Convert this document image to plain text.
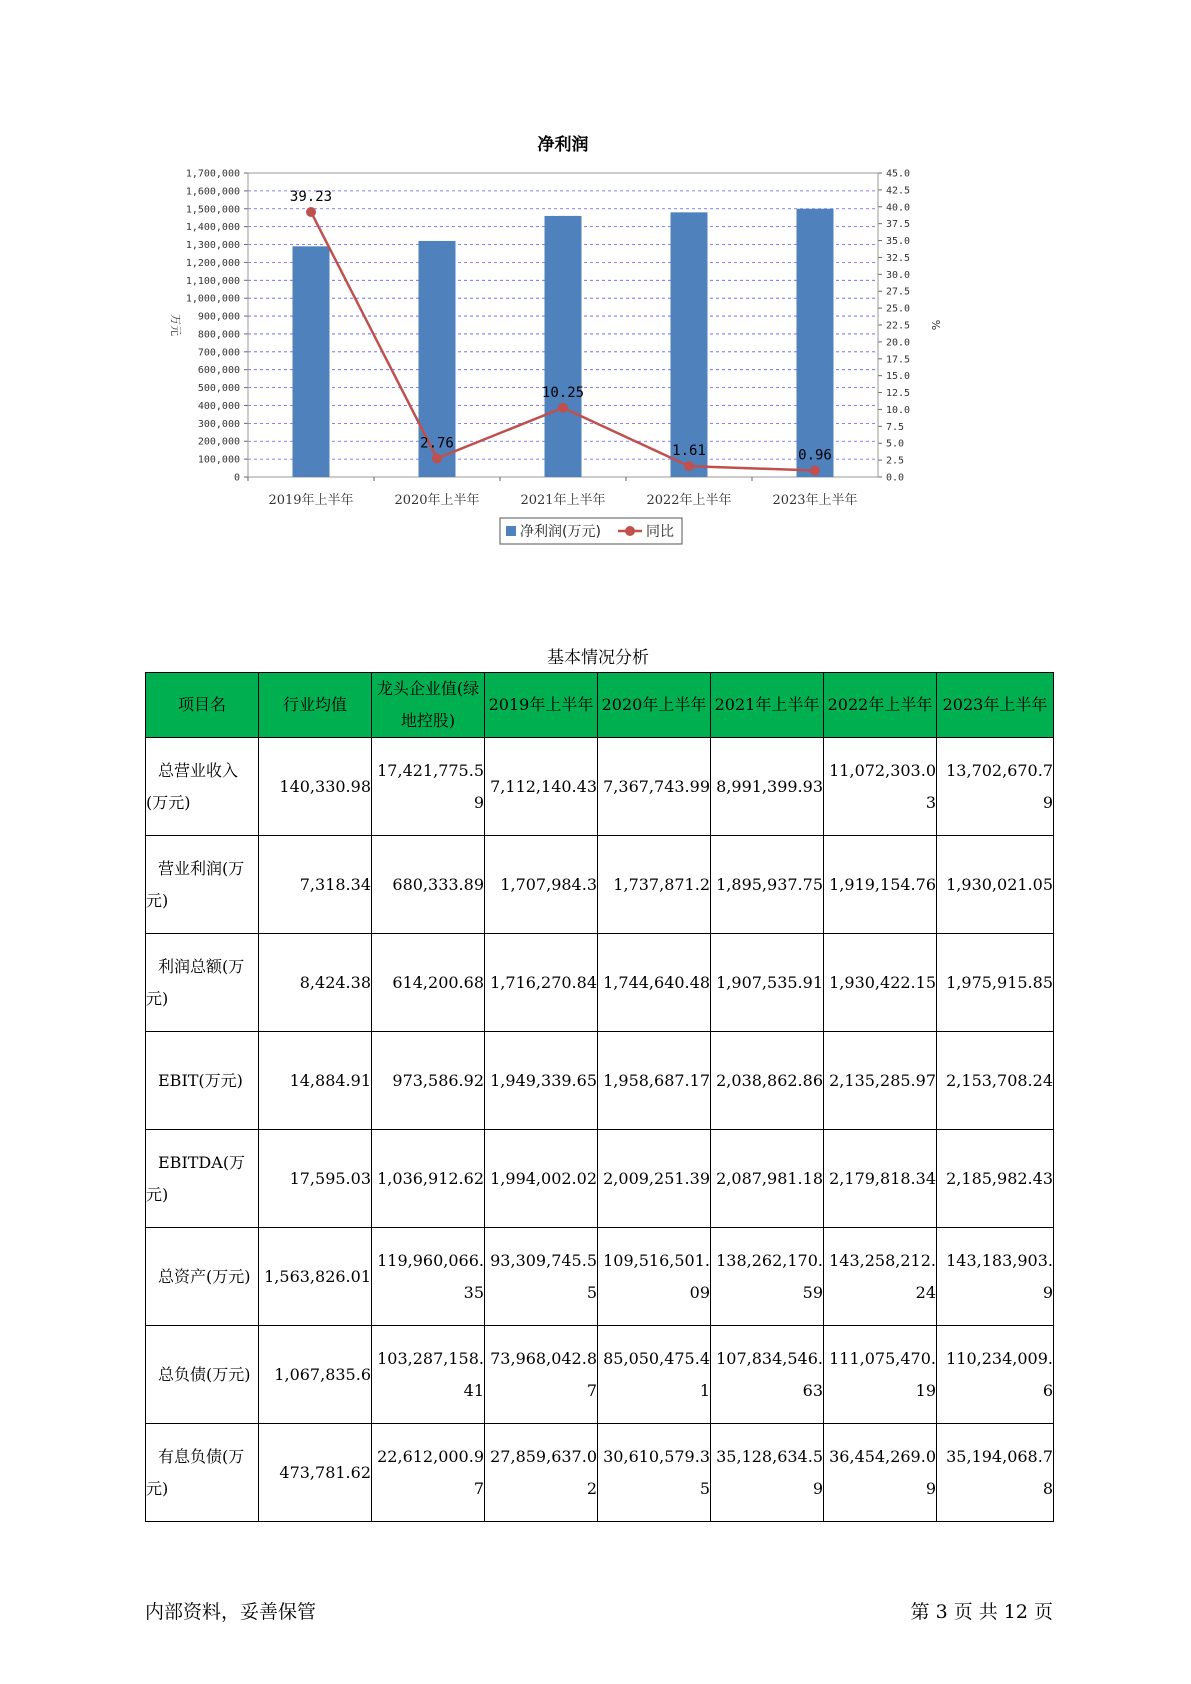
净利润
0
100,000
200,000
300,000
400,000
500,000
600,000
700,000
800,000
900,000
1,000,000
1,100,000
1,200,000
1,300,000
1,400,000
1,500,000
1,600,000
1,700,000
0.0
2.5
5.0
7.5
10.0
12.5
15.0
17.5
20.0
22.5
25.0
27.5
30.0
32.5
35.0
37.5
40.0
42.5
45.0
万元	%
2019年上半年	2020年上半年	2021年上半年	2022年上半年	2023年上半年
39.23
2.76
10.25
1.61	0.96
净利润(万元)	同比
基本情况分析
项目名	行业均值	龙头企业值(绿地控股)	2019年上半年	2020年上半年	2021年上半年	2022年上半年	2023年上半年

总营业收入(万元)	140,330.98	17,421,775.59	7,112,140.43	7,367,743.99	8,991,399.93	11,072,303.03	13,702,670.79

营业利润(万元)	7,318.34	680,333.89	1,707,984.3	1,737,871.2	1,895,937.75	1,919,154.76	1,930,021.05

利润总额(万元)	8,424.38	614,200.68	1,716,270.84	1,744,640.48	1,907,535.91	1,930,422.15	1,975,915.85

EBIT(万元)	14,884.91	973,586.92	1,949,339.65	1,958,687.17	2,038,862.86	2,135,285.97	2,153,708.24

EBITDA(万元)	17,595.03	1,036,912.62	1,994,002.02	2,009,251.39	2,087,981.18	2,179,818.34	2,185,982.43

总资产(万元)	1,563,826.01	119,960,066.35	93,309,745.55	109,516,501.09	138,262,170.59	143,258,212.24	143,183,903.9

总负债(万元)	1,067,835.6	103,287,158.41	73,968,042.87	85,050,475.41	107,834,546.63	111,075,470.19	110,234,009.6

有息负债(万元)	473,781.62	22,612,000.97	27,859,637.02	30,610,579.35	35,128,634.59	36,454,269.09	35,194,068.78
内部资料，妥善保管	第 3 页 共 12 页
